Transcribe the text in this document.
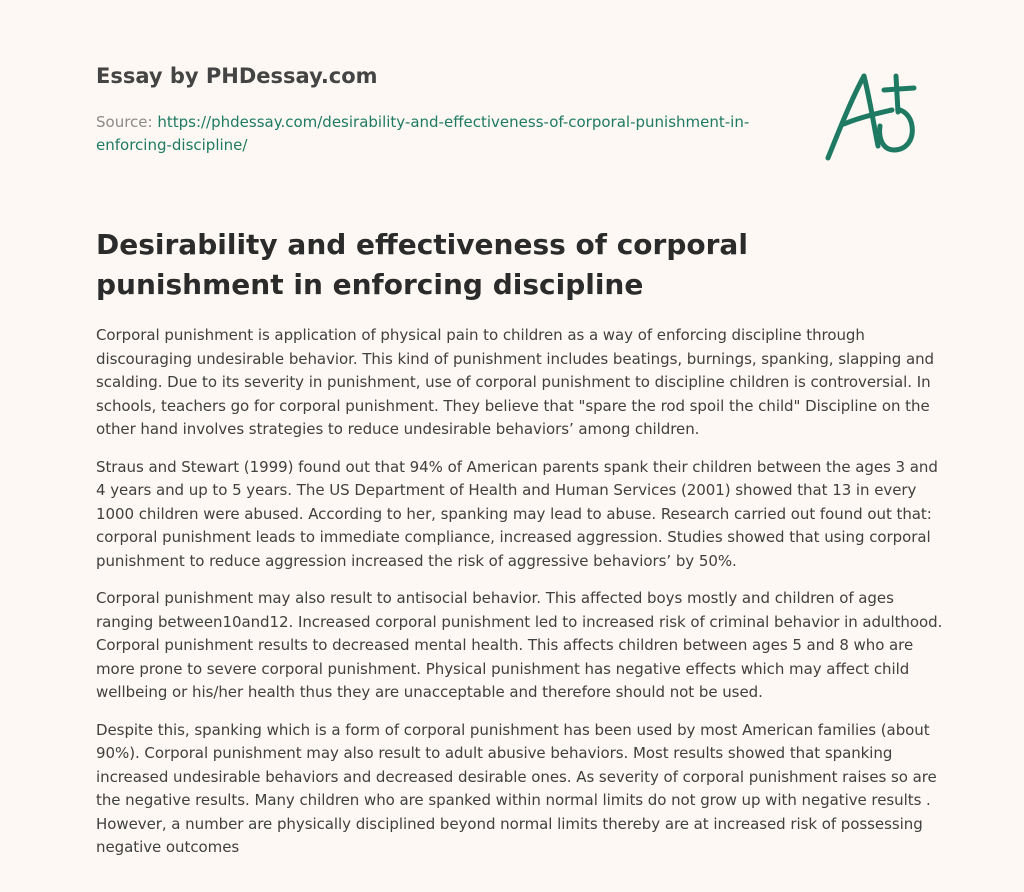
Essay by PHDessay.com

Source: https://phdessay.com/desirability-and-effectiveness-of-corporal-punishment-in-enforcing-discipline/

Desirability and effectiveness of corporal punishment in enforcing discipline

Corporal punishment is application of physical pain to children as a way of enforcing discipline through discouraging undesirable behavior. This kind of punishment includes beatings, burnings, spanking, slapping and scalding. Due to its severity in punishment, use of corporal punishment to discipline children is controversial. In schools, teachers go for corporal punishment. They believe that "spare the rod spoil the child" Discipline on the other hand involves strategies to reduce undesirable behaviors’ among children.

Straus and Stewart (1999) found out that 94% of American parents spank their children between the ages 3 and 4 years and up to 5 years. The US Department of Health and Human Services (2001) showed that 13 in every 1000 children were abused. According to her, spanking may lead to abuse. Research carried out found out that: corporal punishment leads to immediate compliance, increased aggression. Studies showed that using corporal punishment to reduce aggression increased the risk of aggressive behaviors’ by 50%.

Corporal punishment may also result to antisocial behavior. This affected boys mostly and children of ages ranging between10and12. Increased corporal punishment led to increased risk of criminal behavior in adulthood. Corporal punishment results to decreased mental health. This affects children between ages 5 and 8 who are more prone to severe corporal punishment. Physical punishment has negative effects which may affect child wellbeing or his/her health thus they are unacceptable and therefore should not be used.

Despite this, spanking which is a form of corporal punishment has been used by most American families (about 90%). Corporal punishment may also result to adult abusive behaviors. Most results showed that spanking increased undesirable behaviors and decreased desirable ones. As severity of corporal punishment raises so are the negative results. Many children who are spanked within normal limits do not grow up with negative results . However, a number are physically disciplined beyond normal limits thereby are at increased risk of possessing negative outcomes
